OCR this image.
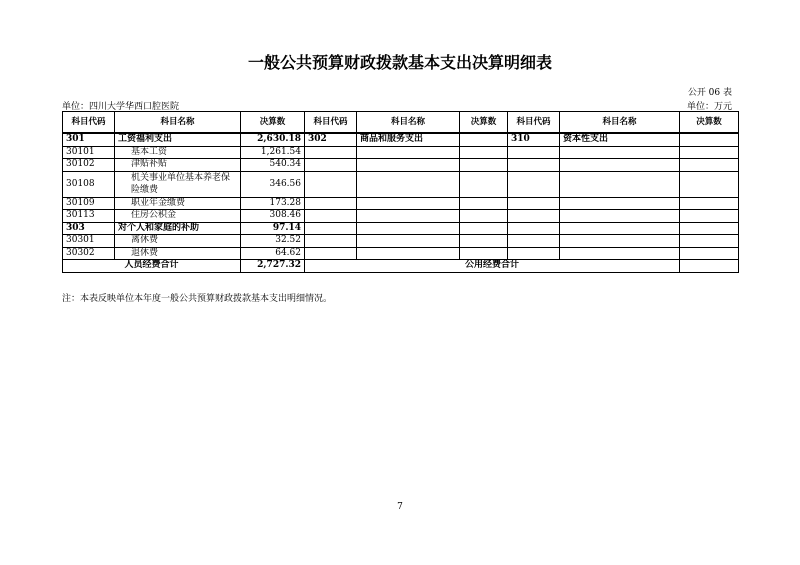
一般公共预算财政拨款基本支出决算明细表
公开 06 表
单位：四川大学华西口腔医院	单位：万元
科目代码	科目名称	决算数	科目代码	科目名称	决算数	科目代码	科目名称	决算数
301	工资福利支出	2,630.18	302	商品和服务支出		310	资本性支出	
30101	基本工资	1,261.54						
30102	津贴补贴	540.34						
30108	机关事业单位基本养老保险缴费	346.56						
30109	职业年金缴费	173.28						
30113	住房公积金	308.46						
303	对个人和家庭的补助	97.14						
30301	离休费	32.52						
30302	退休费	64.62						
人员经费合计		2,727.32	公用经费合计					
注：本表反映单位本年度一般公共预算财政拨款基本支出明细情况。
7
